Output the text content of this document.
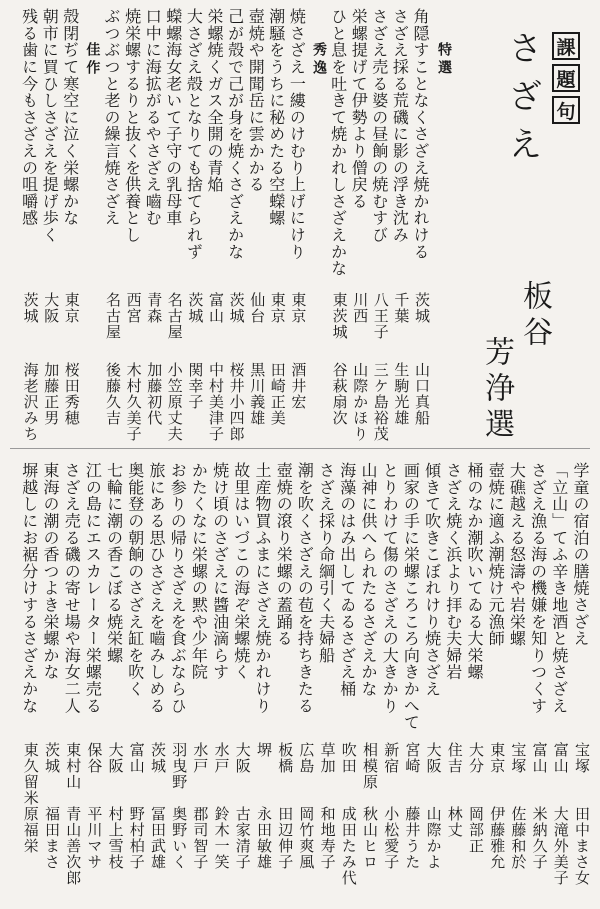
課
題
句

さざえ

板谷

芳浄選

特選

秀逸

佳作	角隠すことなくさざえ焼かれける

茨城

山口真船

さざえ採る荒磯に影の浮き沈み

千葉

生駒光雄

さざえ売る婆の昼餉の焼むすび

八王子

三ケ島裕茂

栄螺提げて伊勢より僧戻る

川西

山際かほり

ひと息を吐きて焼かれしさざえかな

東茨城

谷萩扇次

焼さざえ一縷のけむり上げにけり

東京

酒井宏

潮騒をうちに秘めたる空蠑螺

東京

田崎正美

壺焼や開聞岳に雲かかる

仙台

黒川義雄

己が殻で己が身を焼くさざえかな

茨城

桜井小四郎

栄螺焼くガス全開の青焔

富山

中村美津子

大さざえ殻となりても捨てられず

茨城

関幸子

蠑螺海女老いて子守の乳母車

名古屋

小笠原丈夫

口中に海拡がるやさざえ嚙む

青森

加藤初代

焼栄螺するりと抜くを供養とし

西宮

木村久美子

ぶつぶつと老の繰言焼さざえ

名古屋

後藤久吉

殻閉ぢて寒空に泣く栄螺かな

東京

桜田秀穂

朝市に買ひしさざえを提げ歩く

大阪

加藤正男

残る歯に今もさざえの咀嚼感

茨城

海老沢みち

学童の宿泊の膳焼さざえ

宝塚

田中まさ女

「立山」てふ辛き地酒と焼さざえ

富山

大滝外美子

さざえ漁る海の機嫌を知りつくす

富山

米納久子

大礁越える怒濤や岩栄螺

宝塚

佐藤和於

壺焼に適ふ潮焼け元漁師

東京

伊藤雅允

桶のなか潮吹いてゐる大栄螺

大分

岡部正

さざえ焼く浜より拝む夫婦岩

住吉

林丈

傾きて吹きこぼれけり焼さざえ

大阪

山際かよ

画家の手に栄螺ころころ向きかへて

宮崎

藤井うた

とりわけて傷のさざえの大きかり

新宿

小松愛子

山神に供へられたるさざえかな

相模原

秋山ヒロ

海藻のはみ出してゐるさざえ桶

吹田

成田たみ代

さざえ採り命綱引く夫婦船

草加

和地寿子

潮を吹くさざえの苞を持ちきたる

広島

岡竹爽風

壺焼の滾り栄螺の蓋踊る

板橋

田辺伸子

土産物買ふまにさざえ焼かれけり

堺

永田敏雄

故里はいづこの海ぞ栄螺焼く

大阪

古家清子

焼け頃のさざえに醬油滴らす

水戸

鈴木一笑

かたくなに栄螺の黙や少年院

水戸

郡司智子

お参りの帰りさざえを食ぶならひ

羽曳野

奥野いく

旅にある思ひさざえを嚙みしめる

茨城

冨田武雄

奥能登の朝餉のさざえ缸を吹く

富山

野村柏子

七輪に潮の香こぼる焼栄螺

大阪

村上雪枝

江の島にエスカレーター栄螺売る

保谷

平川マサ

さざえ売る磯の寄せ場や海女二人

東村山

青山善次郎

東海の潮の香つよき栄螺かな

茨城

福田まさ

塀越しにお裾分けするさざえかな

東久留米

原福栄
